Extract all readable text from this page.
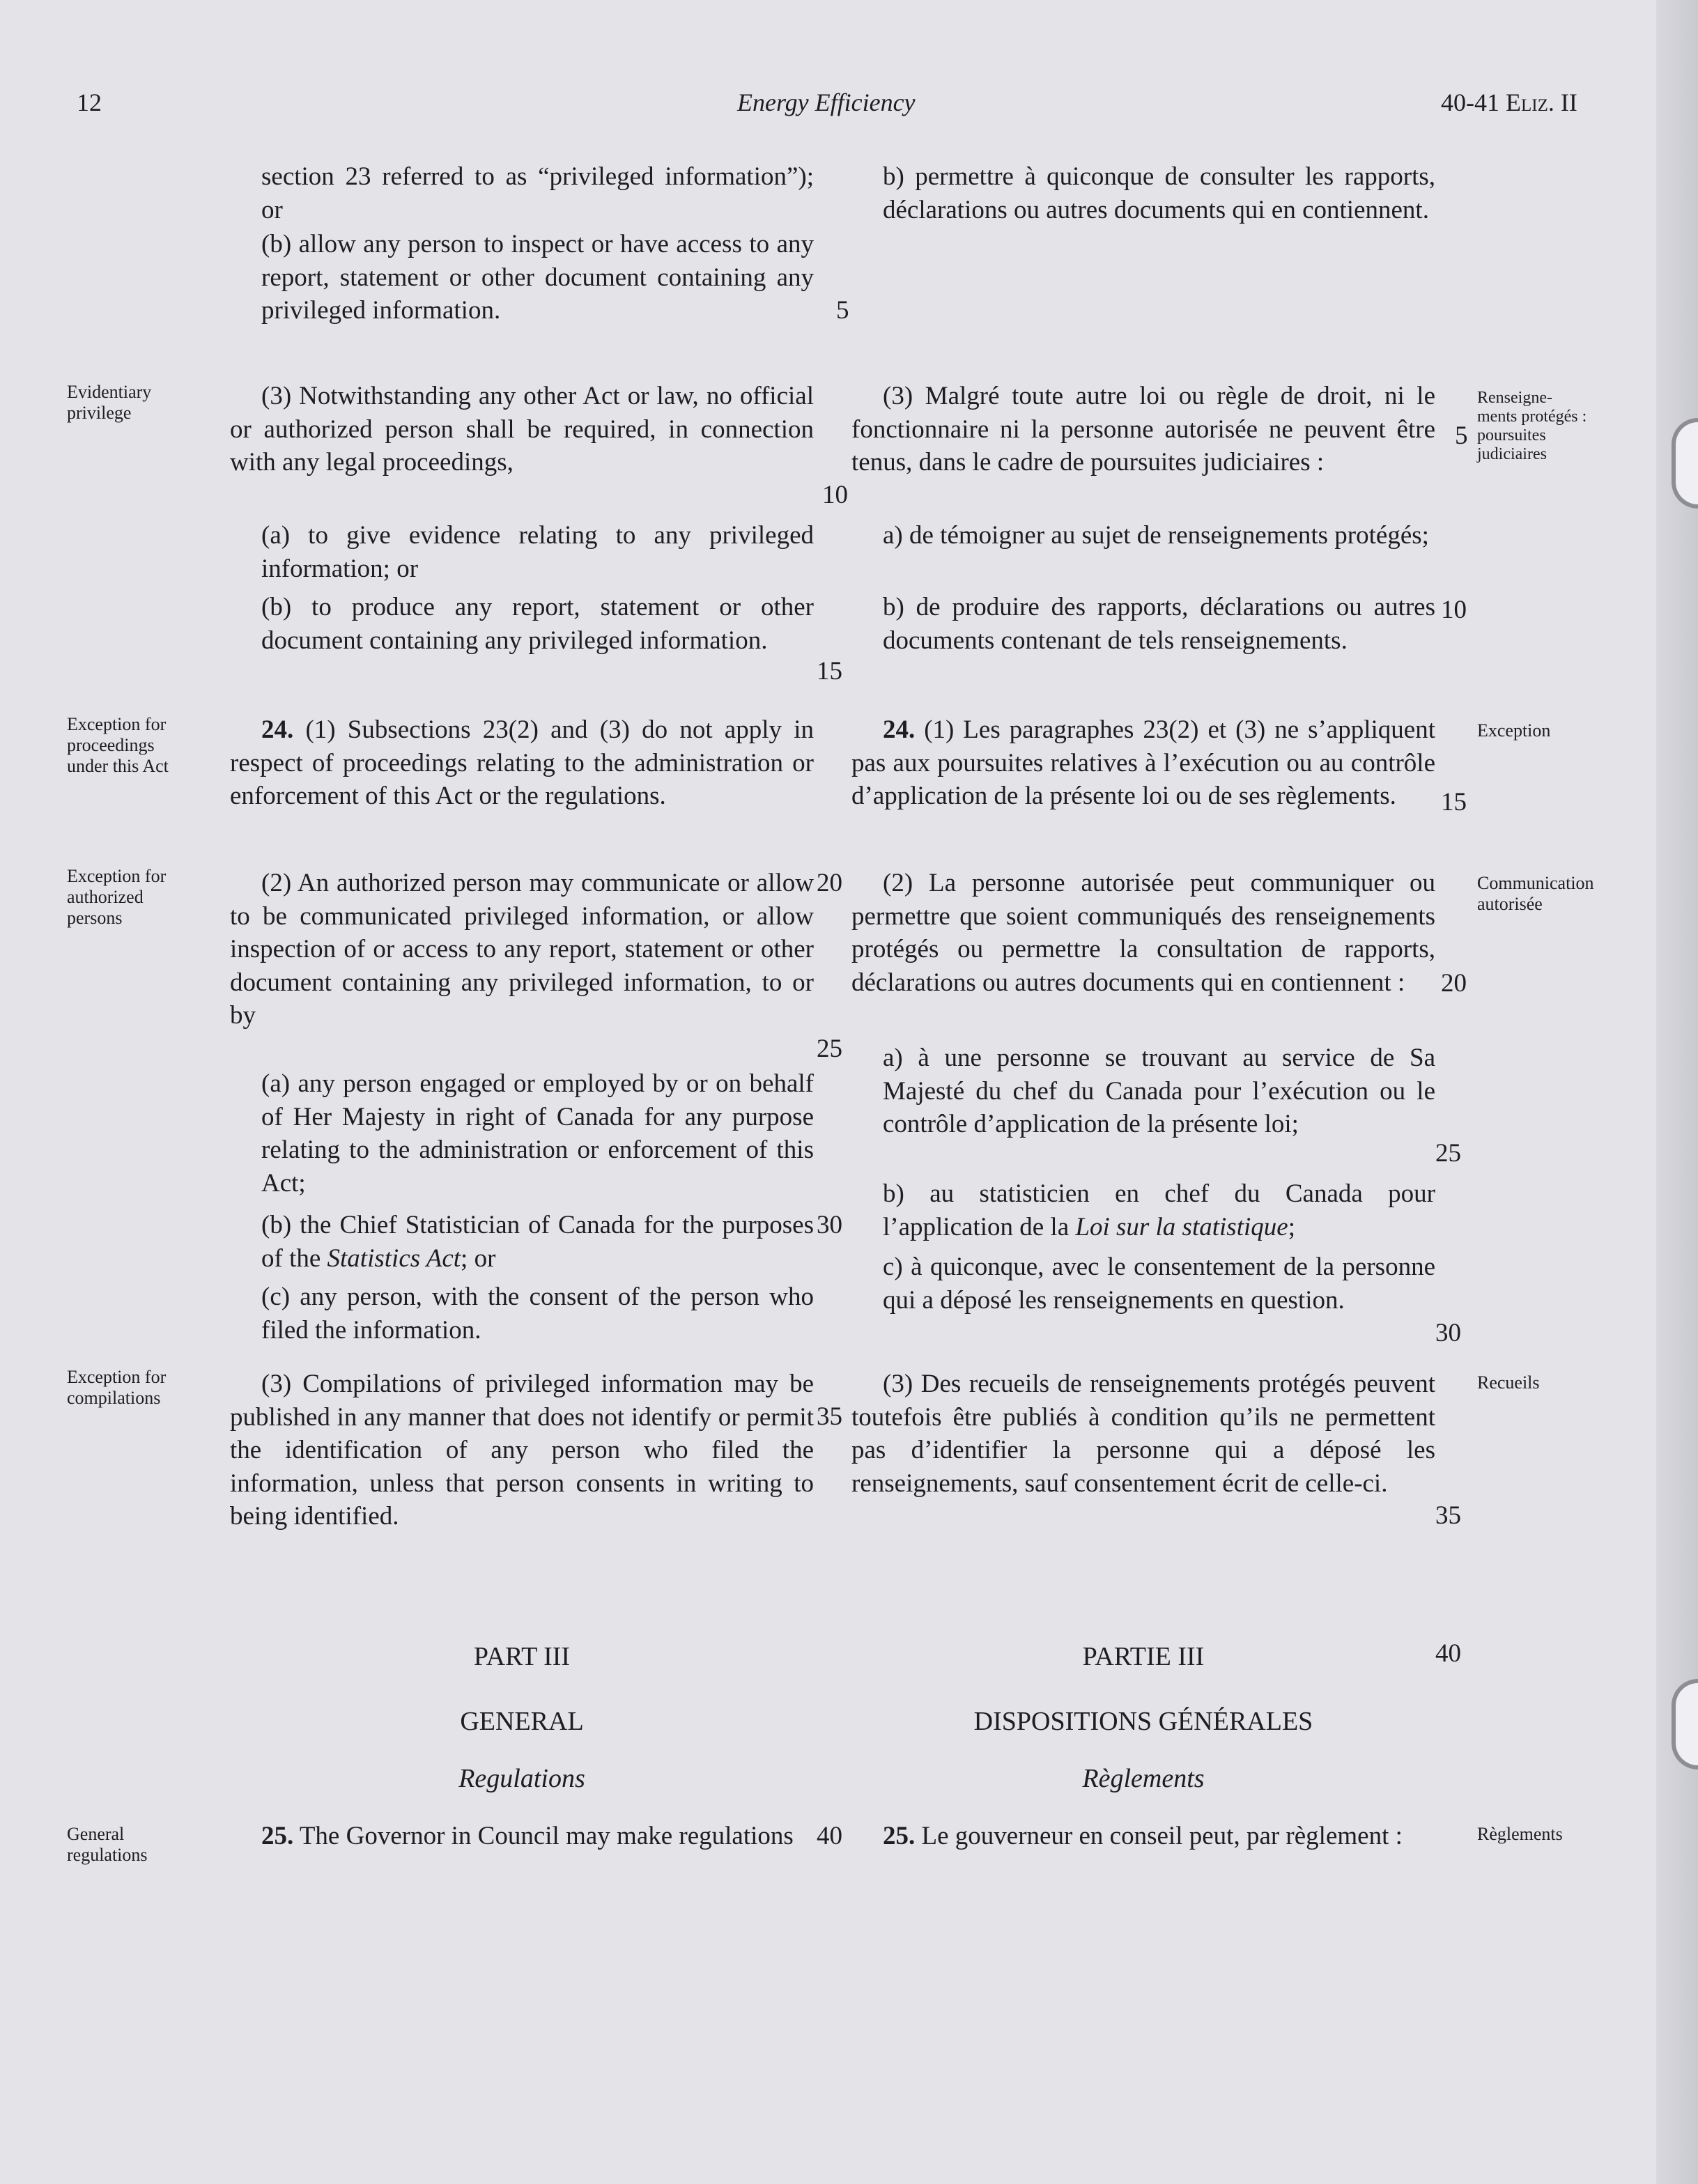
12	Energy Efficiency	40-41 Eliz. II

section 23 referred to as “privileged information”); or

(b) allow any person to inspect or have access to any report, statement or other document containing any privileged information.

(3) Notwithstanding any other Act or law, no official or authorized person shall be required, in connection with any legal proceedings,

(a) to give evidence relating to any privileged information; or

(b) to produce any report, statement or other document containing any privileged information.

24. (1) Subsections 23(2) and (3) do not apply in respect of proceedings relating to the administration or enforcement of this Act or the regulations.

(2) An authorized person may communicate or allow to be communicated privileged information, or allow inspection of or access to any report, statement or other document containing any privileged information, to or by

(a) any person engaged or employed by or on behalf of Her Majesty in right of Canada for any purpose relating to the administration or enforcement of this Act;

(b) the Chief Statistician of Canada for the purposes of the Statistics Act; or

(c) any person, with the consent of the person who filed the information.

(3) Compilations of privileged information may be published in any manner that does not identify or permit the identification of any person who filed the information, unless that person consents in writing to being identified.

PART III
GENERAL
Regulations

25. The Governor in Council may make regulations

b) permettre à quiconque de consulter les rapports, déclarations ou autres documents qui en contiennent.

(3) Malgré toute autre loi ou règle de droit, ni le fonctionnaire ni la personne autorisée ne peuvent être tenus, dans le cadre de poursuites judiciaires :

a) de témoigner au sujet de renseignements protégés;

b) de produire des rapports, déclarations ou autres documents contenant de tels renseignements.

24. (1) Les paragraphes 23(2) et (3) ne s’appliquent pas aux poursuites relatives à l’exécution ou au contrôle d’application de la présente loi ou de ses règlements.

(2) La personne autorisée peut communiquer ou permettre que soient communiqués des renseignements protégés ou permettre la consultation de rapports, déclarations ou autres documents qui en contiennent :

a) à une personne se trouvant au service de Sa Majesté du chef du Canada pour l’exécution ou le contrôle d’application de la présente loi;

b) au statisticien en chef du Canada pour l’application de la Loi sur la statistique;

c) à quiconque, avec le consentement de la personne qui a déposé les renseignements en question.

(3) Des recueils de renseignements protégés peuvent toutefois être publiés à condition qu’ils ne permettent pas d’identifier la personne qui a déposé les renseignements, sauf consentement écrit de celle-ci.

PARTIE III
DISPOSITIONS GÉNÉRALES
Règlements

25. Le gouverneur en conseil peut, par règlement :

5
10
15
20
25
30
35
40
5
10
15
20
25
30
35
40
Evidentiary
privilege
Exception for
proceedings
under this Act
Exception for
authorized
persons
Exception for
compilations
General
regulations
Renseigne-
ments protégés :
poursuites
judiciaires
Exception
Communication
autorisée
Recueils
Règlements
